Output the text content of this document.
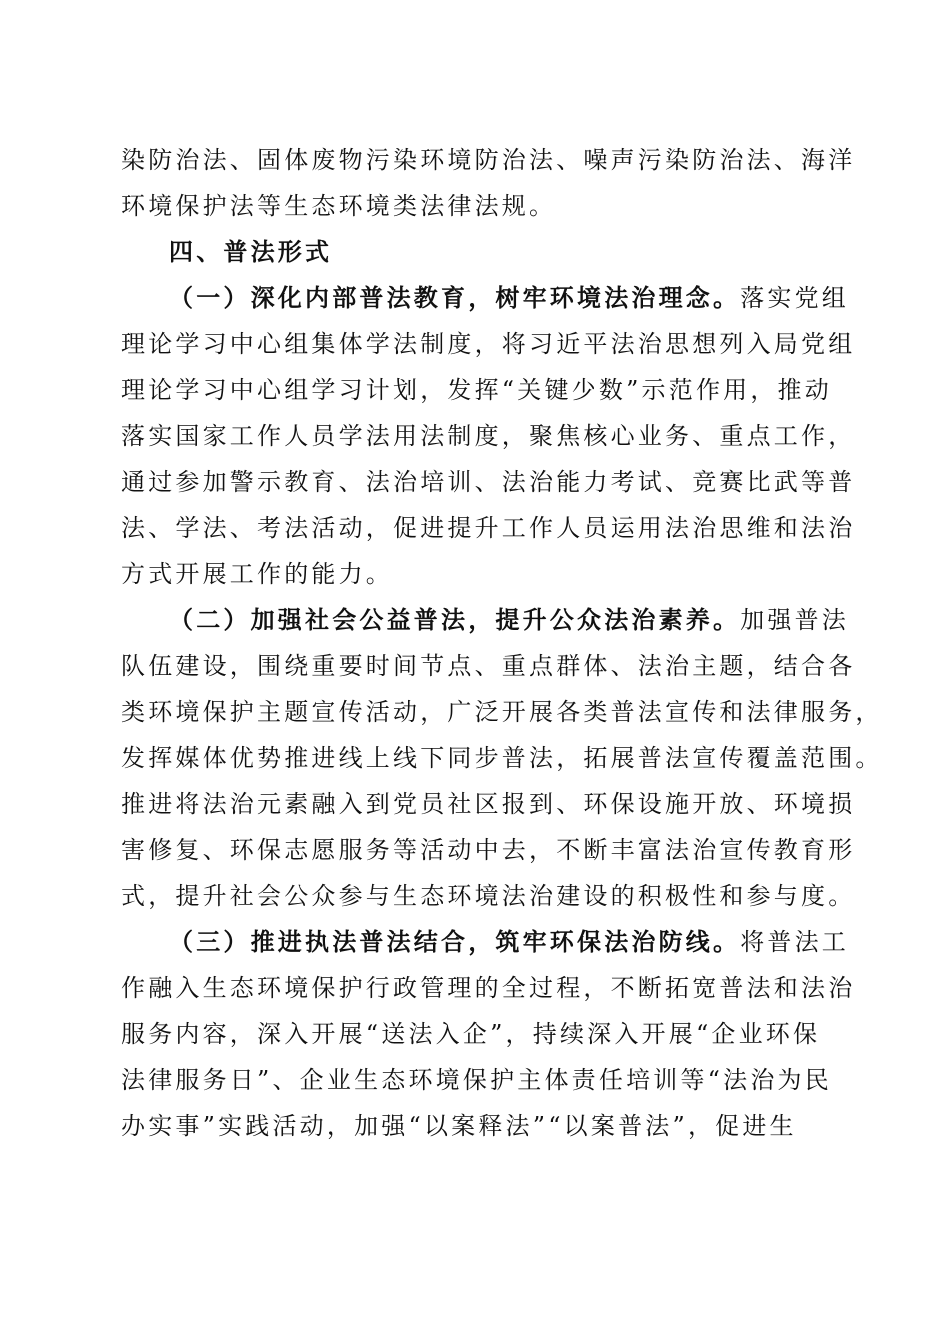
染防治法、固体废物污染环境防治法、噪声污染防治法、海洋
环境保护法等生态环境类法律法规。
四、普法形式
（一）深化内部普法教育，树牢环境法治理念。落实党组
理论学习中心组集体学法制度，将习近平法治思想列入局党组
理论学习中心组学习计划，发挥“关键少数”示范作用，推动
落实国家工作人员学法用法制度，聚焦核心业务、重点工作，
通过参加警示教育、法治培训、法治能力考试、竞赛比武等普
法、学法、考法活动，促进提升工作人员运用法治思维和法治
方式开展工作的能力。
（二）加强社会公益普法，提升公众法治素养。加强普法
队伍建设，围绕重要时间节点、重点群体、法治主题，结合各
类环境保护主题宣传活动，广泛开展各类普法宣传和法律服务，
发挥媒体优势推进线上线下同步普法，拓展普法宣传覆盖范围。
推进将法治元素融入到党员社区报到、环保设施开放、环境损
害修复、环保志愿服务等活动中去，不断丰富法治宣传教育形
式，提升社会公众参与生态环境法治建设的积极性和参与度。
（三）推进执法普法结合，筑牢环保法治防线。将普法工
作融入生态环境保护行政管理的全过程，不断拓宽普法和法治
服务内容，深入开展“送法入企”，持续深入开展“企业环保
法律服务日”、企业生态环境保护主体责任培训等“法治为民
办实事”实践活动，加强“以案释法”“以案普法”，促进生
